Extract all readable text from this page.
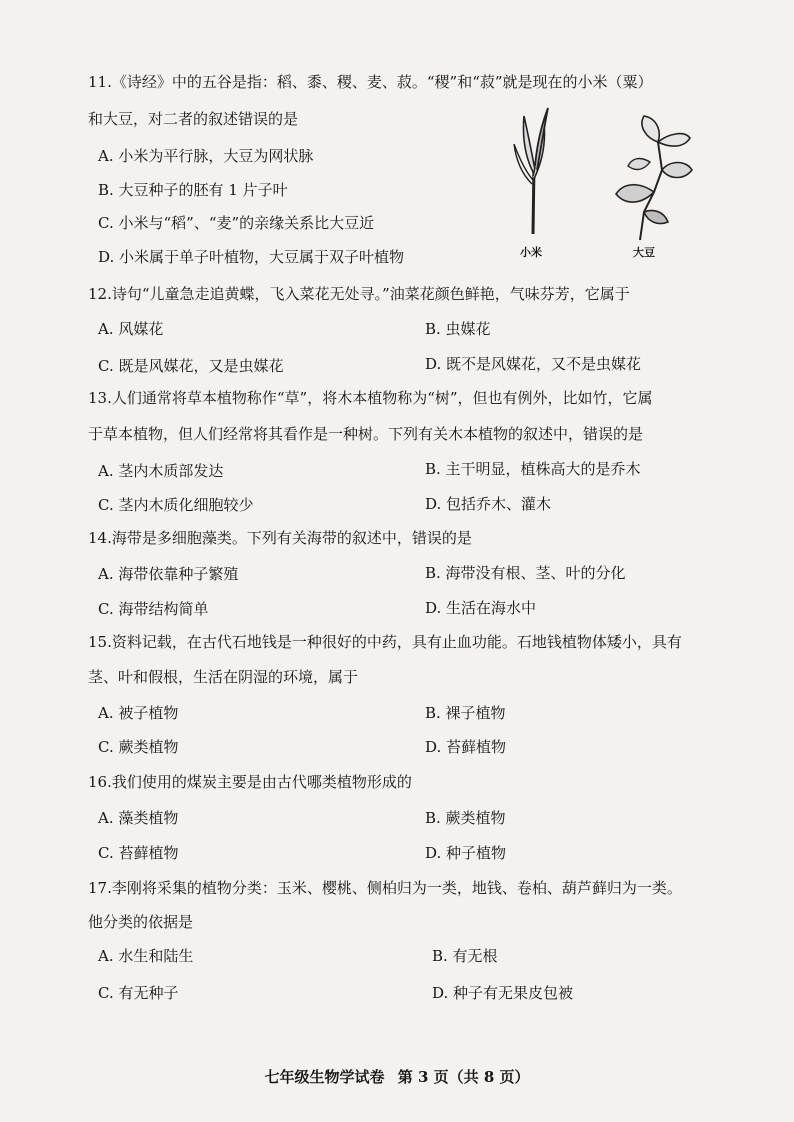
11.《诗经》中的五谷是指：稻、黍、稷、麦、菽。“稷”和“菽”就是现在的小米（粟）
和大豆，对二者的叙述错误的是
A. 小米为平行脉，大豆为网状脉
B. 大豆种子的胚有 1 片子叶
C. 小米与“稻”、“麦”的亲缘关系比大豆近
D. 小米属于单子叶植物，大豆属于双子叶植物	小米	大豆
12.诗句“儿童急走追黄蝶，飞入菜花无处寻。”油菜花颜色鲜艳，气味芬芳，它属于
A. 风媒花	B. 虫媒花
C. 既是风媒花，又是虫媒花	D. 既不是风媒花，又不是虫媒花
13.人们通常将草本植物称作“草”，将木本植物称为“树”，但也有例外，比如竹，它属
于草本植物，但人们经常将其看作是一种树。下列有关木本植物的叙述中，错误的是
A. 茎内木质部发达	B. 主干明显，植株高大的是乔木
C. 茎内木质化细胞较少	D. 包括乔木、灌木
14.海带是多细胞藻类。下列有关海带的叙述中，错误的是
A. 海带依靠种子繁殖	B. 海带没有根、茎、叶的分化
C. 海带结构简单	D. 生活在海水中
15.资料记载，在古代石地钱是一种很好的中药，具有止血功能。石地钱植物体矮小，具有
茎、叶和假根，生活在阴湿的环境，属于
A. 被子植物	B. 裸子植物
C. 蕨类植物	D. 苔藓植物
16.我们使用的煤炭主要是由古代哪类植物形成的
A. 藻类植物	B. 蕨类植物
C. 苔藓植物	D. 种子植物
17.李刚将采集的植物分类：玉米、樱桃、侧柏归为一类，地钱、卷柏、葫芦藓归为一类。
他分类的依据是
A. 水生和陆生	B. 有无根
C. 有无种子	D. 种子有无果皮包被
七年级生物学试卷 第 3 页（共 8 页）
